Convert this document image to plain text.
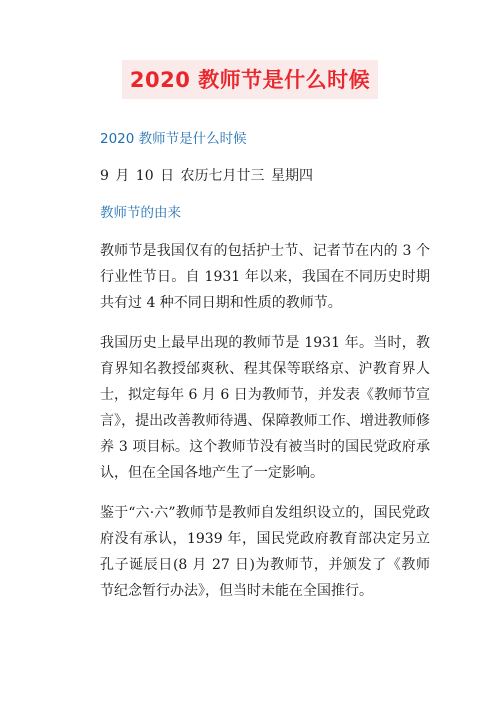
2020 教师节是什么时候
2020 教师节是什么时候
9 月 10 日 农历七月廿三 星期四
教师节的由来

教师节是我国仅有的包括护士节、记者节在内的 3 个行业性节日。自 1931 年以来，我国在不同历史时期共有过 4 种不同日期和性质的教师节。

我国历史上最早出现的教师节是 1931 年。当时，教育界知名教授邰爽秋、程其保等联络京、沪教育界人士，拟定每年 6 月 6 日为教师节，并发表《教师节宣言》，提出改善教师待遇、保障教师工作、增进教师修养 3 项目标。这个教师节没有被当时的国民党政府承认，但在全国各地产生了一定影响。

鉴于“六·六”教师节是教师自发组织设立的，国民党政府没有承认，1939 年，国民党政府教育部决定另立孔子诞辰日(8 月 27 日)为教师节，并颁发了《教师节纪念暂行办法》，但当时未能在全国推行。
